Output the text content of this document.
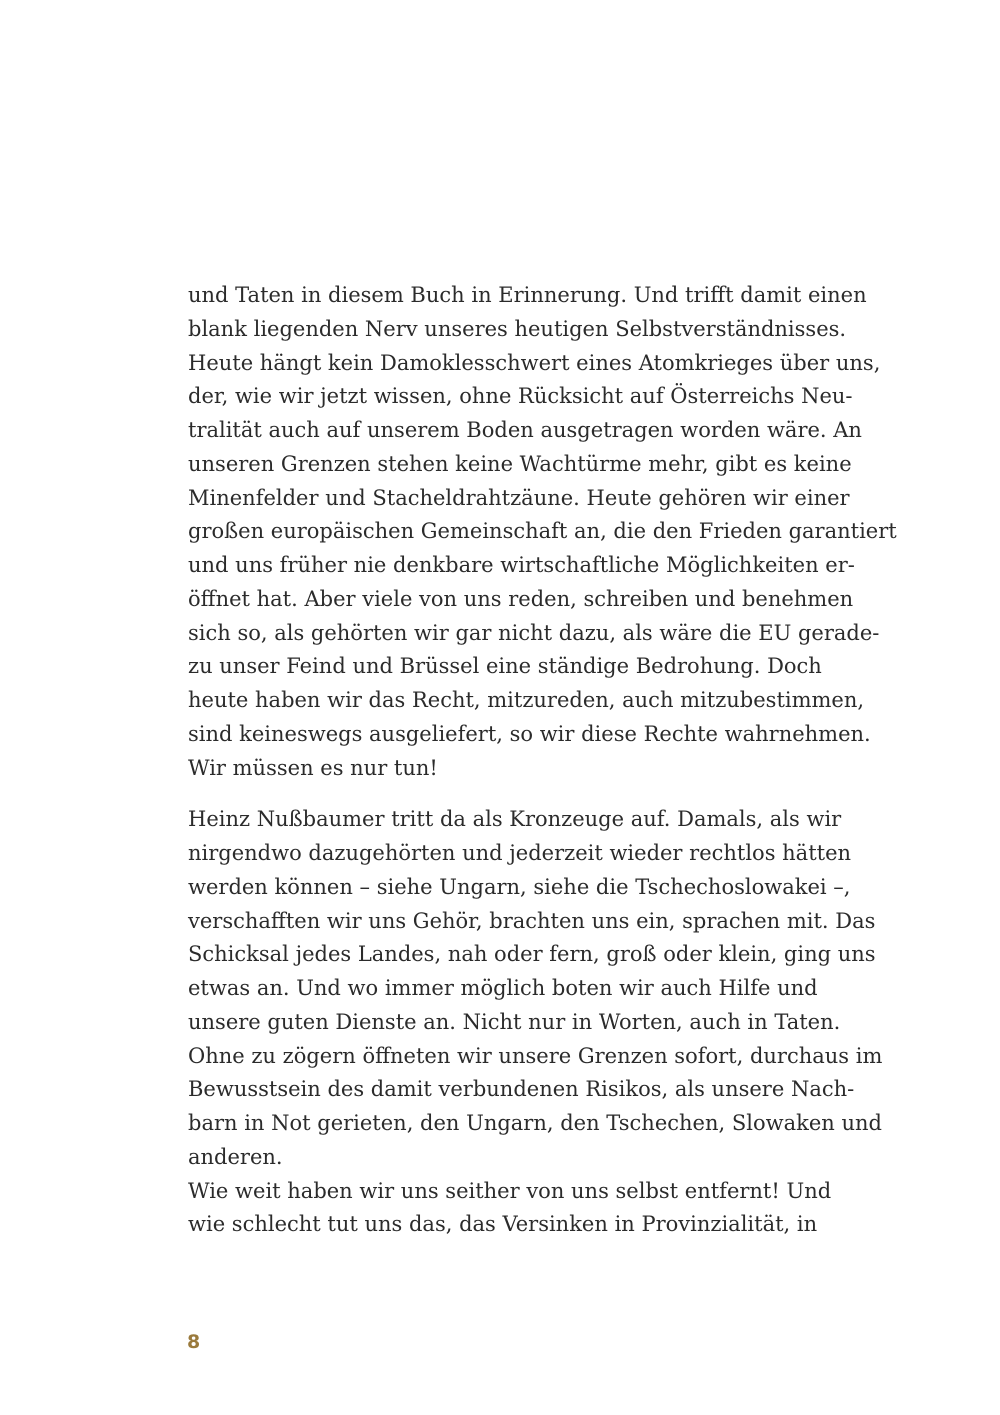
und Taten in diesem Buch in Erinnerung. Und trifft damit einen
blank liegenden Nerv unseres heutigen Selbstverständnisses.
Heute hängt kein Damoklesschwert eines Atomkrieges über uns,
der, wie wir jetzt wissen, ohne Rücksicht auf Österreichs Neu-
tralität auch auf unserem Boden ausgetragen worden wäre. An
unseren Grenzen stehen keine Wachtürme mehr, gibt es keine
Minenfelder und Stacheldrahtzäune. Heute gehören wir einer
großen europäischen Gemeinschaft an, die den Frieden garantiert
und uns früher nie denkbare wirtschaftliche Möglichkeiten er-
öffnet hat. Aber viele von uns reden, schreiben und benehmen
sich so, als gehörten wir gar nicht dazu, als wäre die EU gerade-
zu unser Feind und Brüssel eine ständige Bedrohung. Doch
heute haben wir das Recht, mitzureden, auch mitzubestimmen,
sind keineswegs ausgeliefert, so wir diese Rechte wahrnehmen.
Wir müssen es nur tun!
Heinz Nußbaumer tritt da als Kronzeuge auf. Damals, als wir
nirgendwo dazugehörten und jederzeit wieder rechtlos hätten
werden können – siehe Ungarn, siehe die Tschechoslowakei –,
verschafften wir uns Gehör, brachten uns ein, sprachen mit. Das
Schicksal jedes Landes, nah oder fern, groß oder klein, ging uns
etwas an. Und wo immer möglich boten wir auch Hilfe und
unsere guten Dienste an. Nicht nur in Worten, auch in Taten.
Ohne zu zögern öffneten wir unsere Grenzen sofort, durchaus im
Bewusstsein des damit verbundenen Risikos, als unsere Nach-
barn in Not gerieten, den Ungarn, den Tschechen, Slowaken und
anderen.
Wie weit haben wir uns seither von uns selbst entfernt! Und
wie schlecht tut uns das, das Versinken in Provinzialität, in
8
